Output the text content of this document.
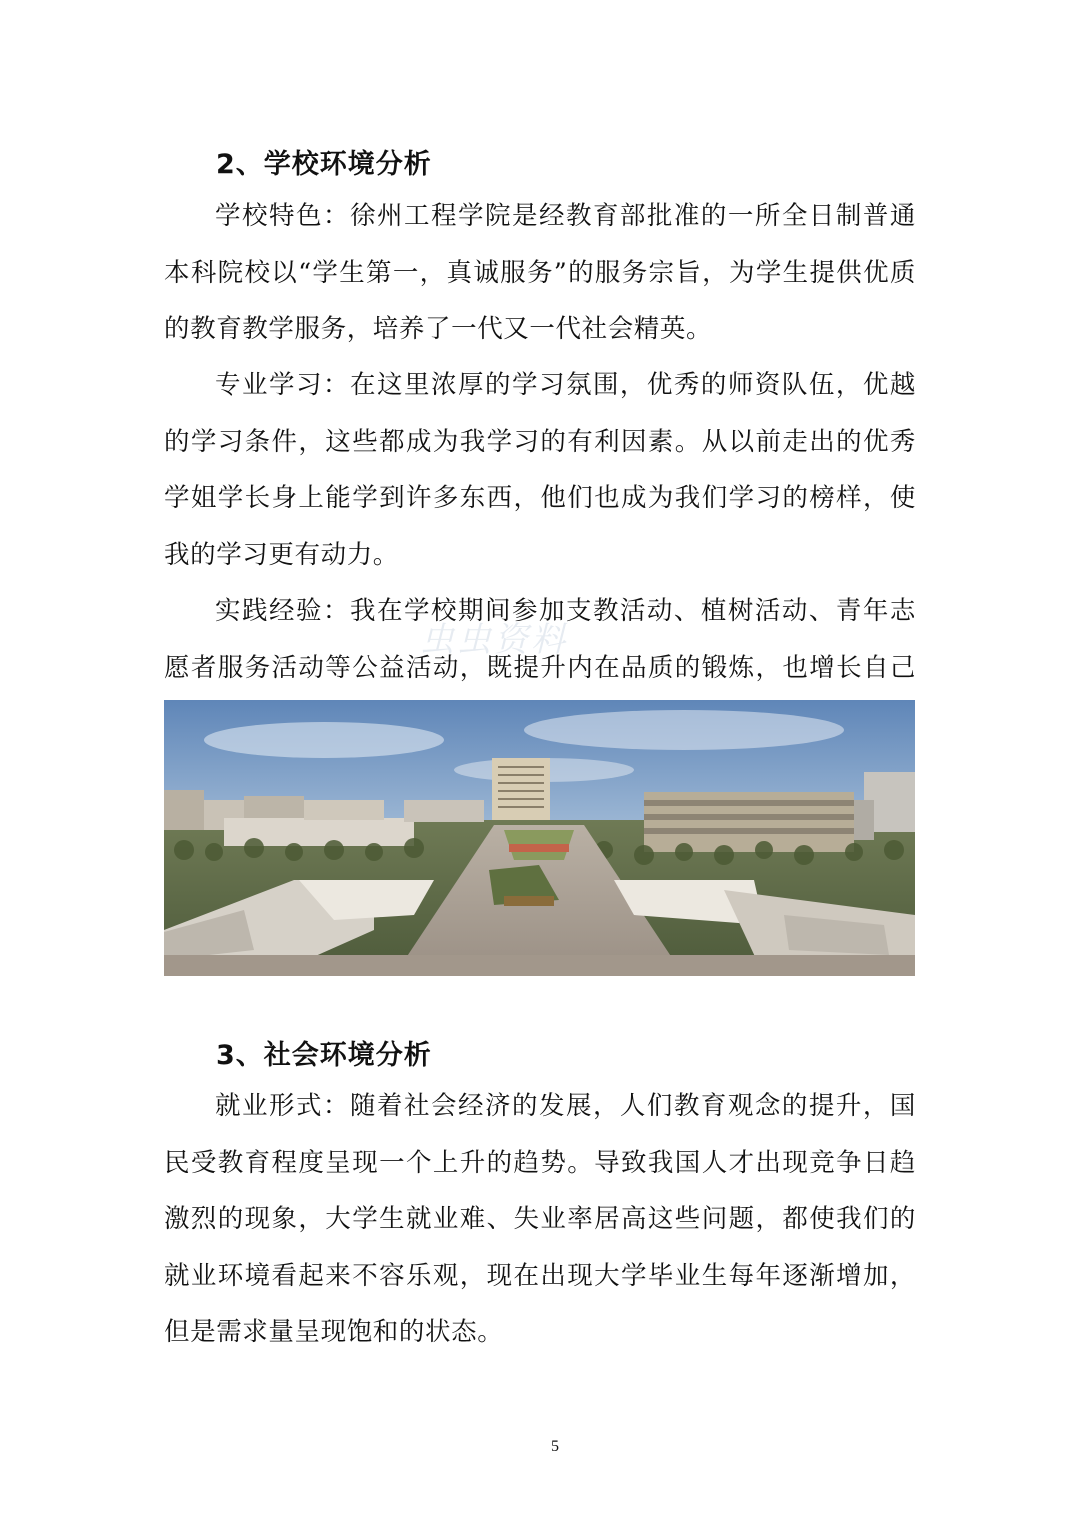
2、学校环境分析

学校特色：徐州工程学院是经教育部批准的一所全日制普通本科院校以“学生第一，真诚服务”的服务宗旨，为学生提供优质的教育教学服务，培养了一代又一代社会精英。

专业学习：在这里浓厚的学习氛围，优秀的师资队伍，优越的学习条件，这些都成为我学习的有利因素。从以前走出的优秀学姐学长身上能学到许多东西，他们也成为我们学习的榜样，使我的学习更有动力。

实践经验：我在学校期间参加支教活动、植树活动、青年志愿者服务活动等公益活动，既提升内在品质的锻炼，也增长自己

虫虫资料
3、社会环境分析

就业形式：随着社会经济的发展，人们教育观念的提升，国民受教育程度呈现一个上升的趋势。导致我国人才出现竞争日趋激烈的现象，大学生就业难、失业率居高这些问题，都使我们的就业环境看起来不容乐观，现在出现大学毕业生每年逐渐增加，但是需求量呈现饱和的状态。

5
